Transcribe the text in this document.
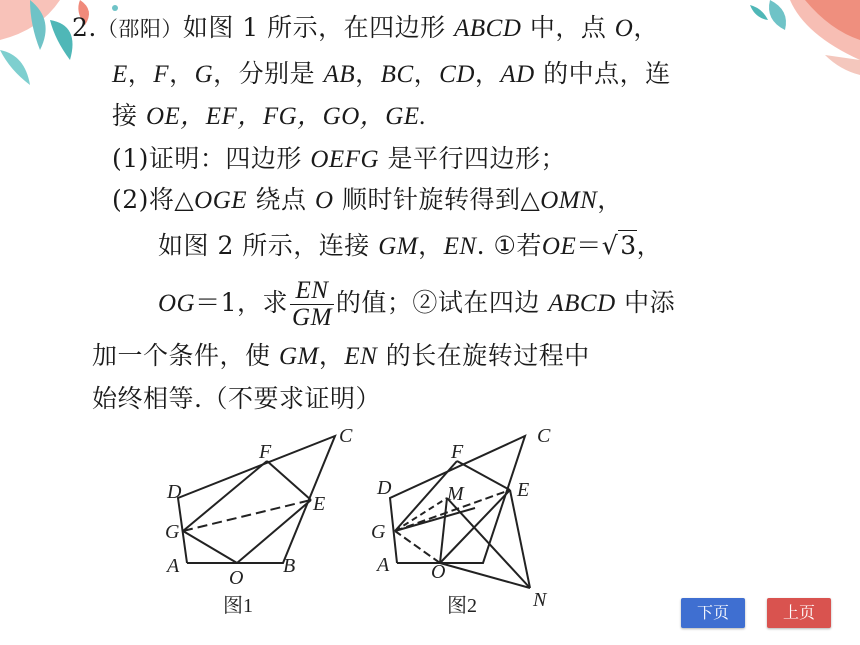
2.（邵阳）如图 1 所示，在四边形 ABCD 中，点 O，
E，F，G，分别是 AB，BC，CD，AD 的中点，连
接 OE，EF，FG，GO，GE.
(1)证明：四边形 OEFG 是平行四边形；
(2)将△OGE 绕点 O 顺时针旋转得到△OMN，
如图 2 所示，连接 GM，EN. ①若OE＝√3，
OG＝1，求 $\frac{EN}{GM}$ 的值；②试在四边 ABCD 中添
加一个条件，使 GM，EN 的长在旋转过程中
始终相等.（不要求证明）
C
F
D
E
G
A	B
O
图1
C
F
D	M	E
G
A O
N
图2	下页	上页
